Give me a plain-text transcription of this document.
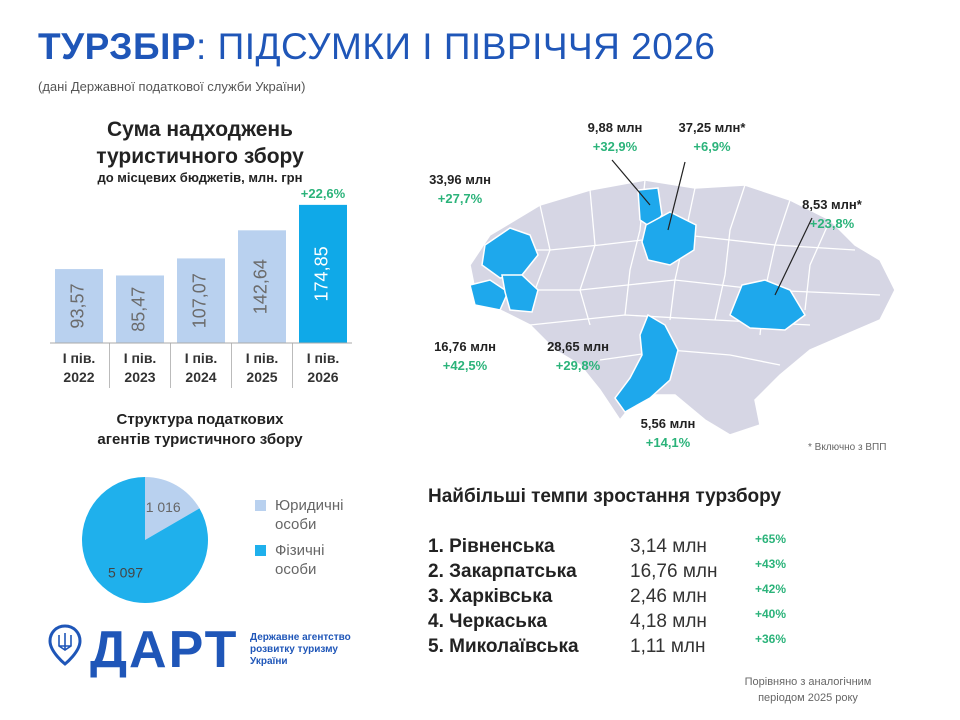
ТУРЗБІР: ПІДСУМКИ І ПІВРІЧЧЯ 2026
(дані Державної податкової служби України)
Сума надходжень туристичного збору
до місцевих бюджетів, млн. грн
93,57
І пів.
2022
85,47
І пів.
2023
107,07
І пів.
2024
142,64
І пів.
2025
174,85
І пів.
2026
+22,6%
Структура податкових
агентів туристичного збору
1 016
5 097
Юридичні
особи
Фізичні
особи
9,88 млн
+32,9%
37,25 млн*
+6,9%
33,96 млн
+27,7%	8,53 млн*
+23,8%
16,76 млн
+42,5%
28,65 млн
+29,8%
5,56 млн
+14,1%	* Включно з ВПП
Найбільші темпи зростання турзбору
1. Рівненська	3,14 млн	+65%
2. Закарпатська	16,76 млн	+43%
3. Харківська	2,46 млн	+42%
4. Черкаська	4,18 млн	+40%
5. Миколаївська	1,11 млн	+36%
Порівняно з аналогічним
періодом 2025 року
ДАРТ Державне агентство
розвитку туризму
України
